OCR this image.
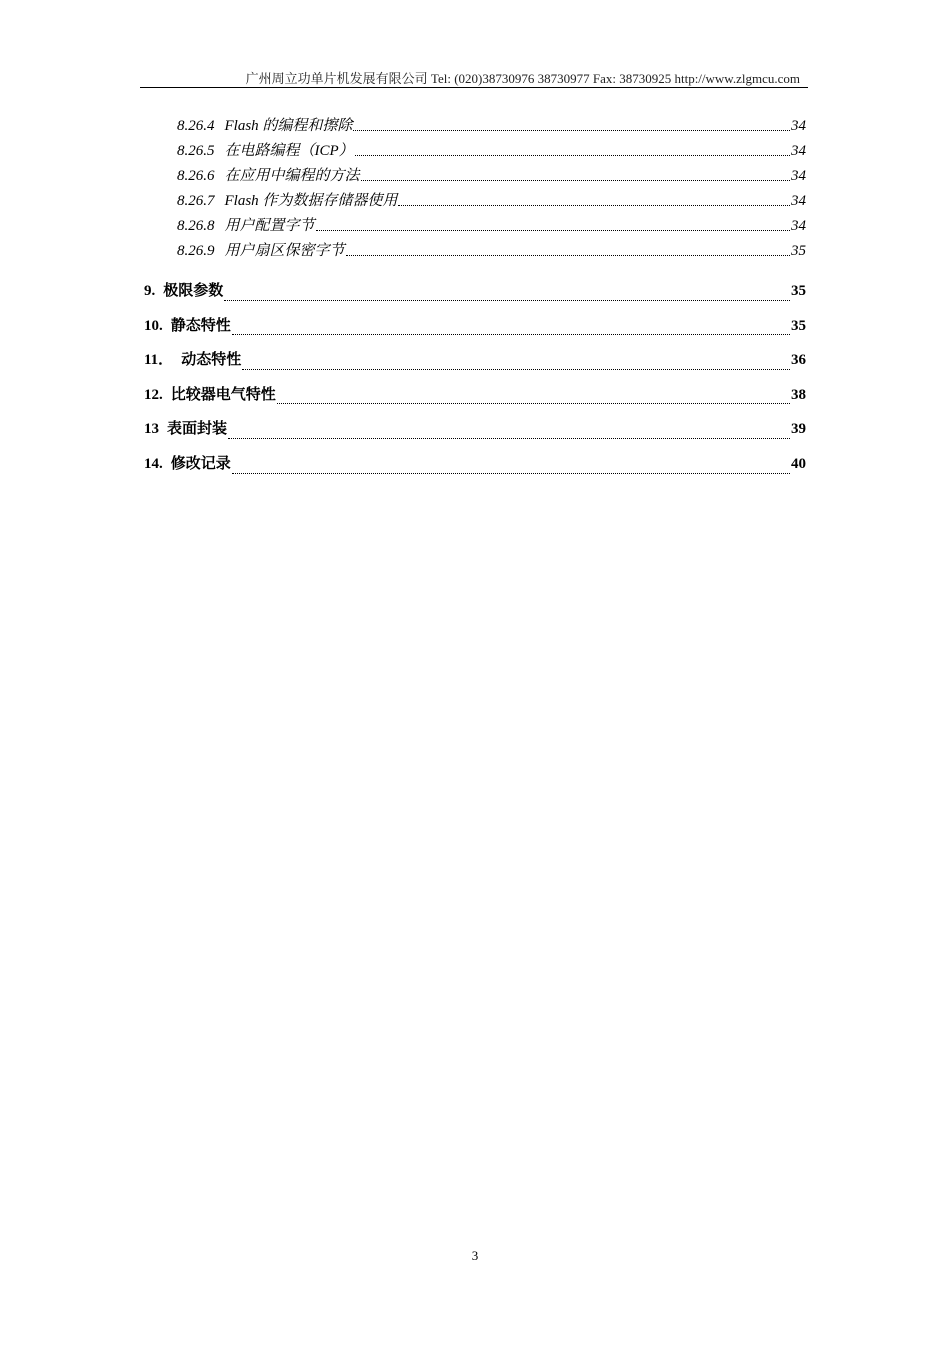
广州周立功单片机发展有限公司 Tel: (020)38730976 38730977 Fax: 38730925 http://www.zlgmcu.com
8.26.4 Flash 的编程和擦除	34
8.26.5 在电路编程（ICP）	34
8.26.6 在应用中编程的方法	34
8.26.7 Flash 作为数据存储器使用	34
8.26.8 用户配置字节	34
8.26.9 用户扇区保密字节	35
9. 极限参数	35
10. 静态特性	35
11． 动态特性	36
12. 比较器电气特性	38
13 表面封装	39
14. 修改记录	40
3
